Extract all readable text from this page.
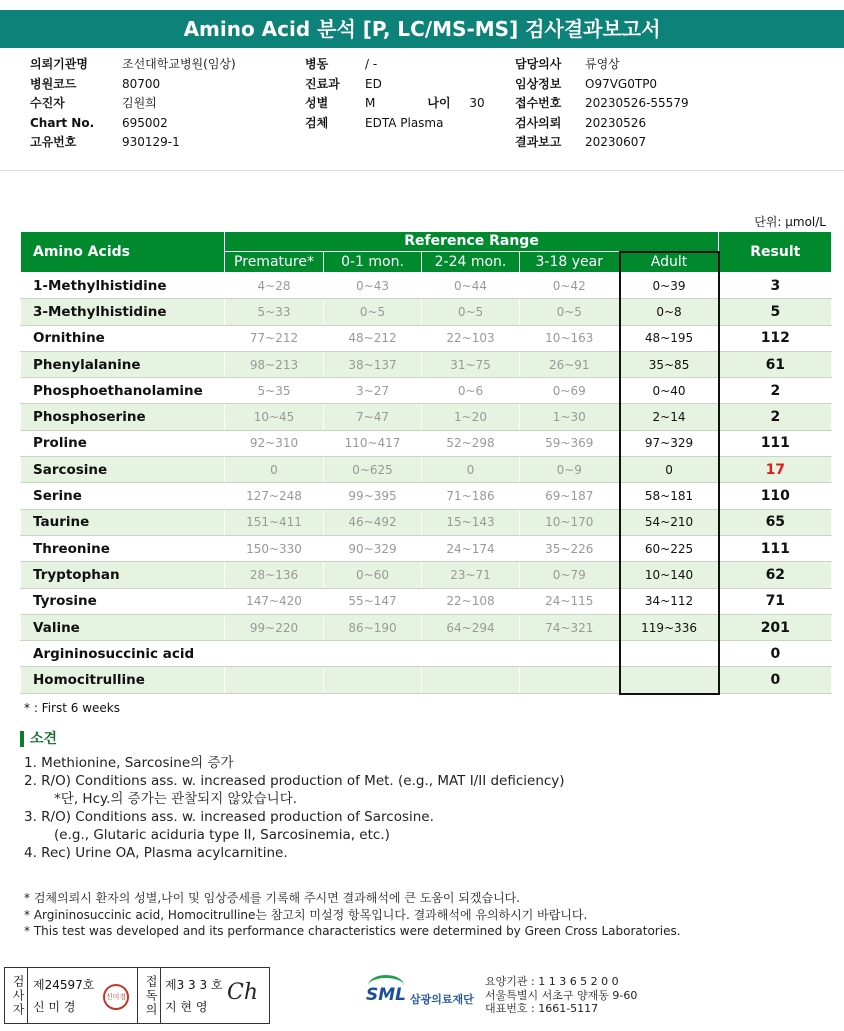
Amino Acid 분석 [P, LC/MS-MS] 검사결과보고서
의뢰기관명	조선대학교병원(임상)
병원코드	80700
수진자	김원희
Chart No.	695002
고유번호	930129-1
병동	/ -
진료과	ED
성별	M	나이	30
검체	EDTA Plasma
담당의사	류영상
임상정보	O97VG0TP0
접수번호	20230526-55579
검사의뢰	20230526
결과보고	20230607
단위: μmol/L
Amino Acids	Reference Range					Result
	Premature*	0-1 mon.	2-24 mon.	3-18 year	Adult	
1-Methylhistidine	4~28	0~43	0~44	0~42	0~39	3
3-Methylhistidine	5~33	0~5	0~5	0~5	0~8	5
Ornithine	77~212	48~212	22~103	10~163	48~195	112
Phenylalanine	98~213	38~137	31~75	26~91	35~85	61
Phosphoethanolamine	5~35	3~27	0~6	0~69	0~40	2
Phosphoserine	10~45	7~47	1~20	1~30	2~14	2
Proline	92~310	110~417	52~298	59~369	97~329	111
Sarcosine	0	0~625	0	0~9	0	17
Serine	127~248	99~395	71~186	69~187	58~181	110
Taurine	151~411	46~492	15~143	10~170	54~210	65
Threonine	150~330	90~329	24~174	35~226	60~225	111
Tryptophan	28~136	0~60	23~71	0~79	10~140	62
Tyrosine	147~420	55~147	22~108	24~115	34~112	71
Valine	99~220	86~190	64~294	74~321	119~336	201
Argininosuccinic acid						0
Homocitrulline						0
* : First 6 weeks
소견
1. Methionine, Sarcosine의 증가
2. R/O) Conditions ass. w. increased production of Met. (e.g., MAT I/II deficiency)
*단, Hcy.의 증가는 관찰되지 않았습니다.
3. R/O) Conditions ass. w. increased production of Sarcosine.
(e.g., Glutaric aciduria type II, Sarcosinemia, etc.)
4. Rec) Urine OA, Plasma acylcarnitine.
* 검체의뢰시 환자의 성별,나이 및 임상증세를 기록해 주시면 결과해석에 큰 도움이 되겠습니다.
* Argininosuccinic acid, Homocitrulline는 참고치 미설정 항목입니다. 결과해석에 유의하시기 바랍니다.
* This test was developed and its performance characteristics were determined by Green Cross Laboratories.
검사자 제24597호
신 미 경
신미경	접독의 제3 3 3 호
지 현 영
Ch	SML 삼광의료재단
요양기관 : 1 1 3 6 5 2 0 0
서울특별시 서초구 양재동 9-60
대표번호 : 1661-5117
